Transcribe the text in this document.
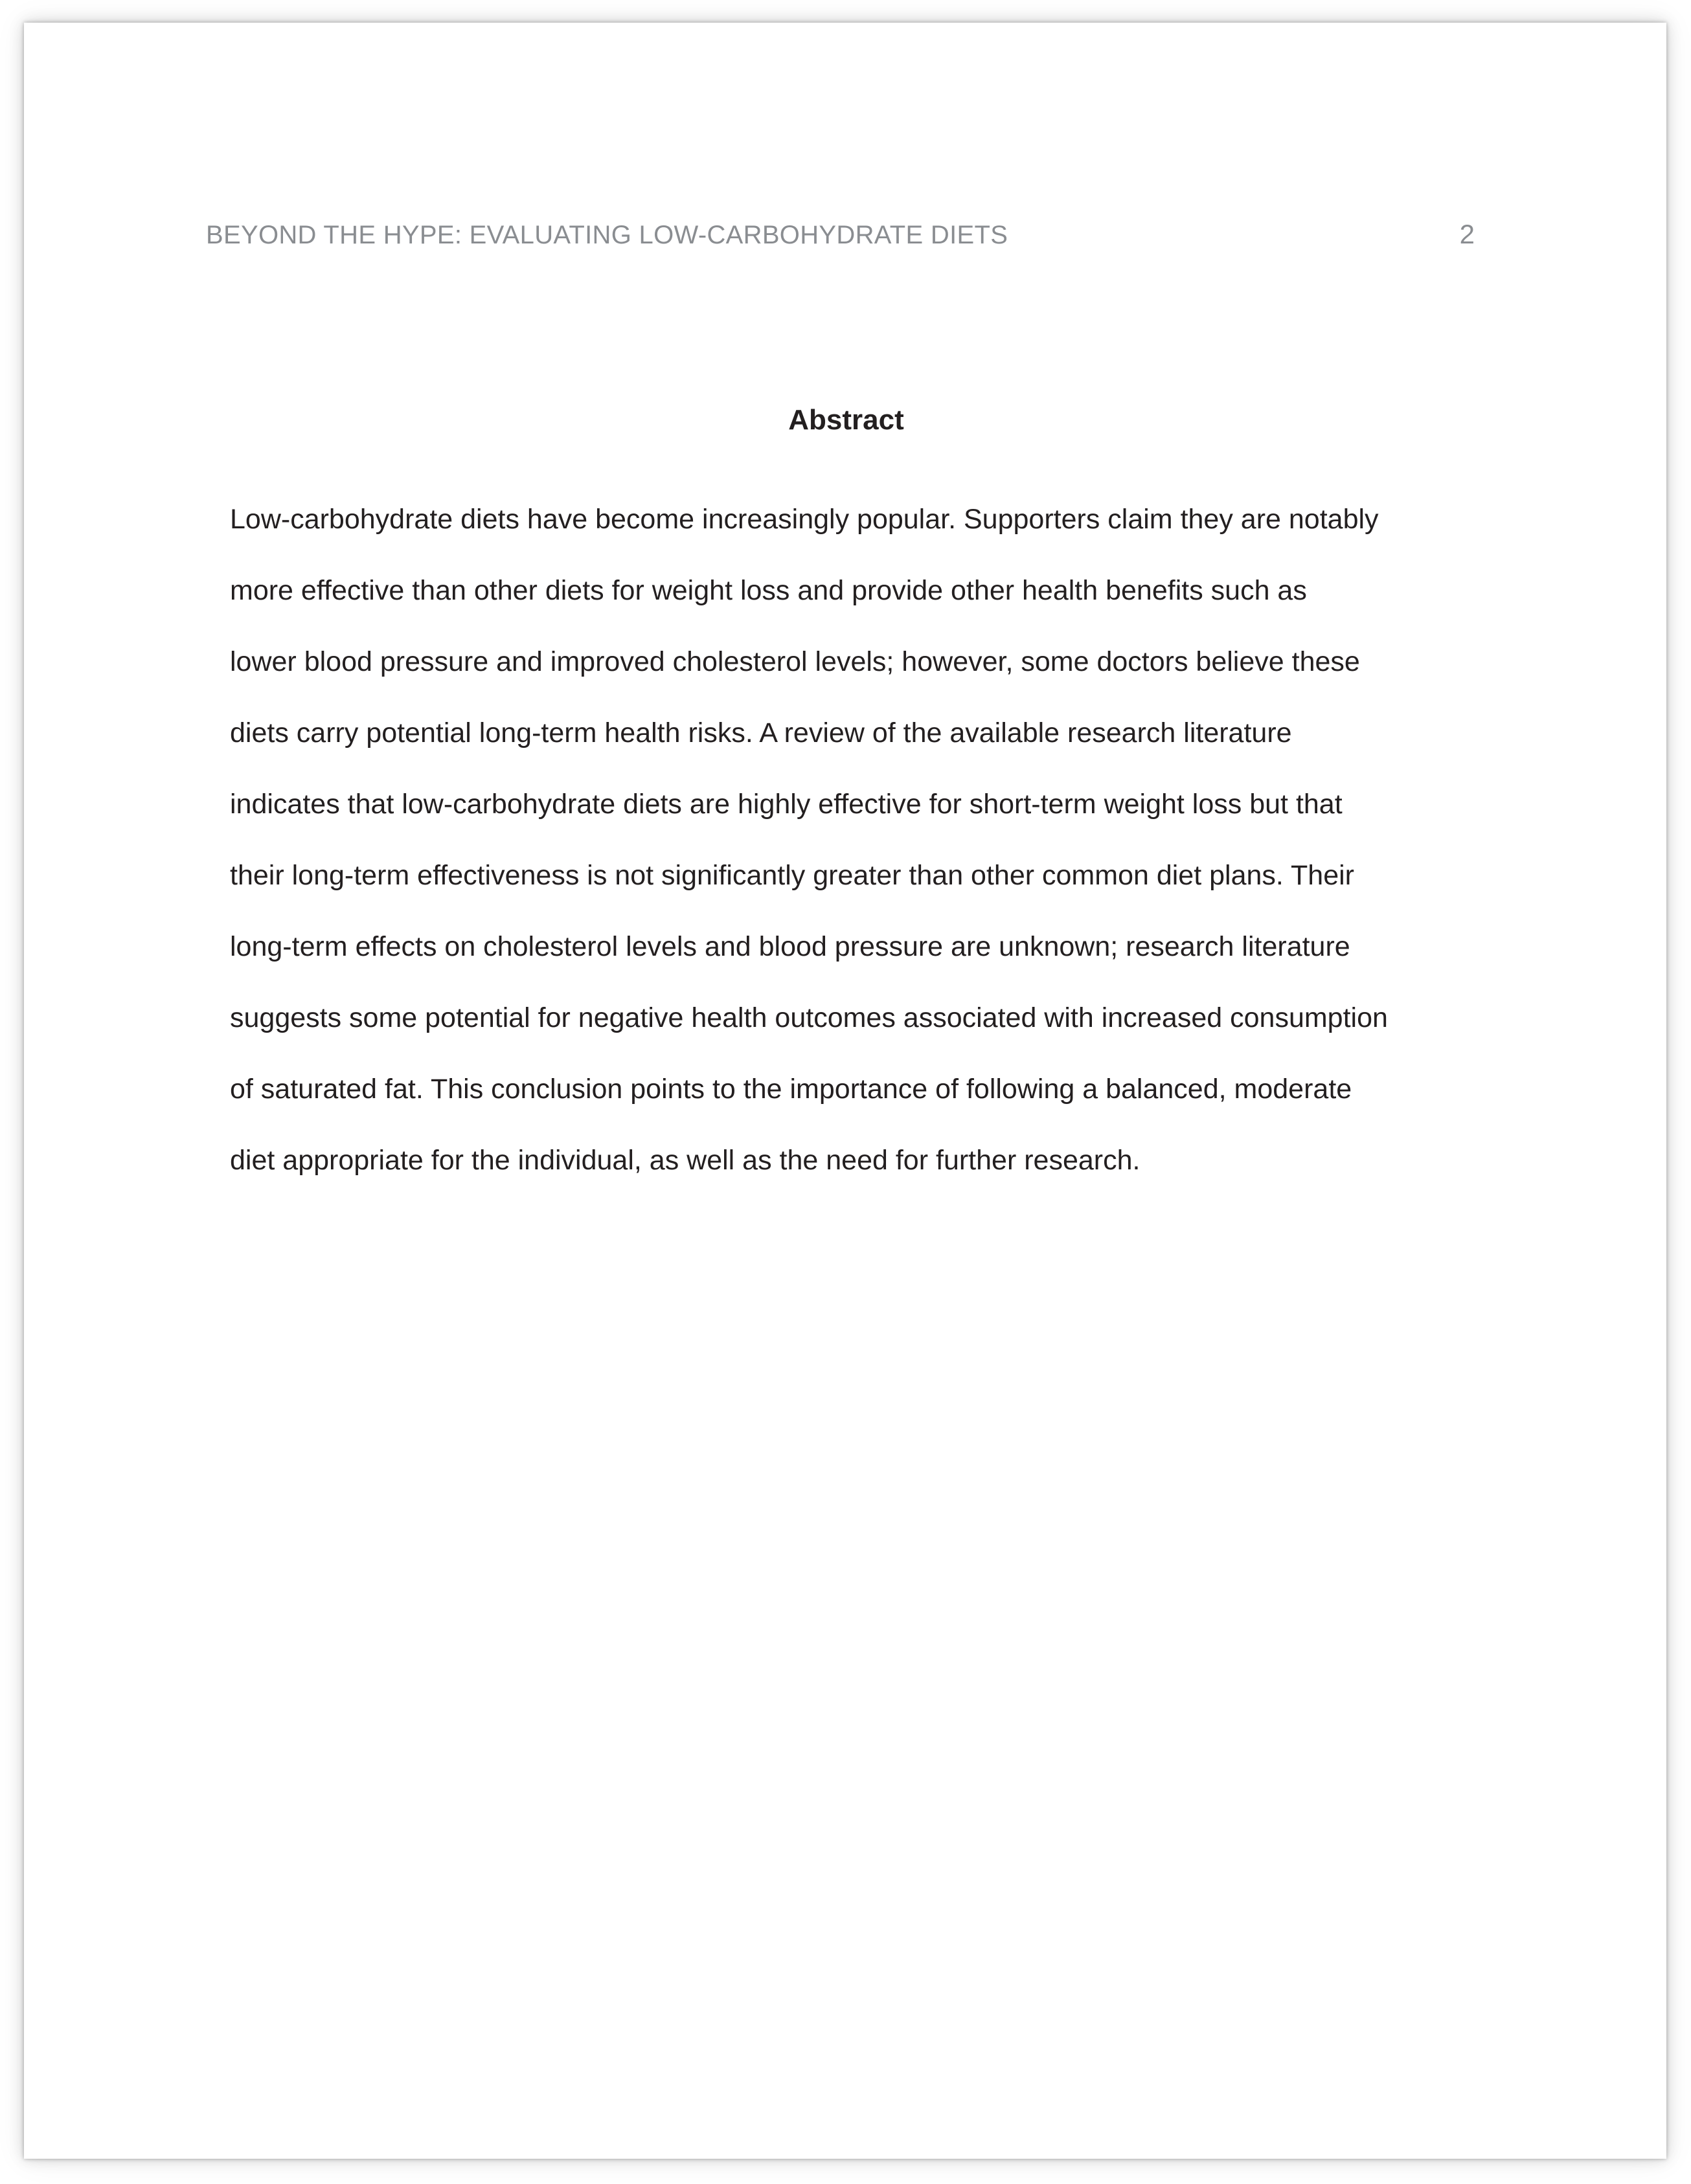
BEYOND THE HYPE: EVALUATING LOW-CARBOHYDRATE DIETS	2
Abstract
Low-carbohydrate diets have become increasingly popular. Supporters claim they are notably
more effective than other diets for weight loss and provide other health benefits such as
lower blood pressure and improved cholesterol levels; however, some doctors believe these
diets carry potential long-term health risks. A review of the available research literature
indicates that low-carbohydrate diets are highly effective for short-term weight loss but that
their long-term effectiveness is not significantly greater than other common diet plans. Their
long-term effects on cholesterol levels and blood pressure are unknown; research literature
suggests some potential for negative health outcomes associated with increased consumption
of saturated fat. This conclusion points to the importance of following a balanced, moderate
diet appropriate for the individual, as well as the need for further research.
